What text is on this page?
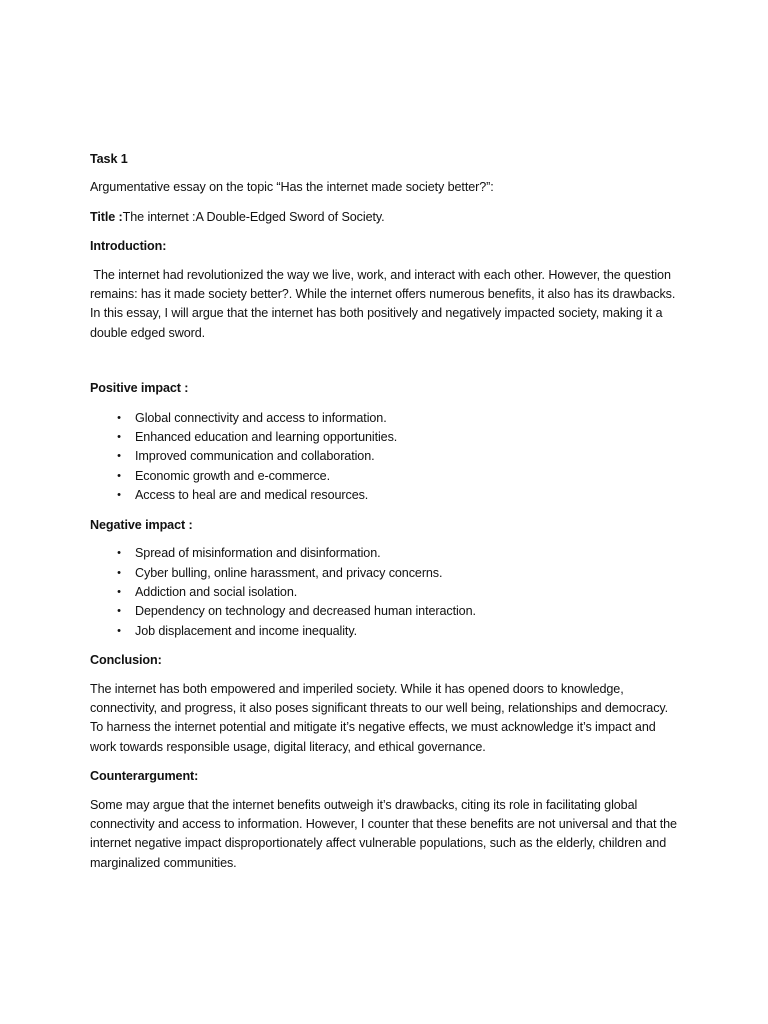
Task 1

Argumentative essay on the topic “Has the internet made society better?”:

Title :The internet :A Double-Edged Sword of Society.

Introduction:

The internet had revolutionized the way we live, work, and interact with each other. However, the question remains: has it made society better?. While the internet offers numerous benefits, it also has its drawbacks. In this essay, I will argue that the internet has both positively and negatively impacted society, making it a double edged sword.

Positive impact :

•	Global connectivity and access to information.
•	Enhanced education and learning opportunities.
•	Improved communication and collaboration.
•	Economic growth and e-commerce.
•	Access to heal are and medical resources.

Negative impact :

•	Spread of misinformation and disinformation.
•	Cyber bulling, online harassment, and privacy concerns.
•	Addiction and social isolation.
•	Dependency on technology and decreased human interaction.
•	Job displacement and income inequality.

Conclusion:

The internet has both empowered and imperiled society. While it has opened doors to knowledge, connectivity, and progress, it also poses significant threats to our well being, relationships and democracy. To harness the internet potential and mitigate it’s negative effects, we must acknowledge it’s impact and work towards responsible usage, digital literacy, and ethical governance.

Counterargument:

Some may argue that the internet benefits outweigh it’s drawbacks, citing its role in facilitating global connectivity and access to information. However, I counter that these benefits are not universal and that the internet negative impact disproportionately affect vulnerable populations, such as the elderly, children and marginalized communities.
